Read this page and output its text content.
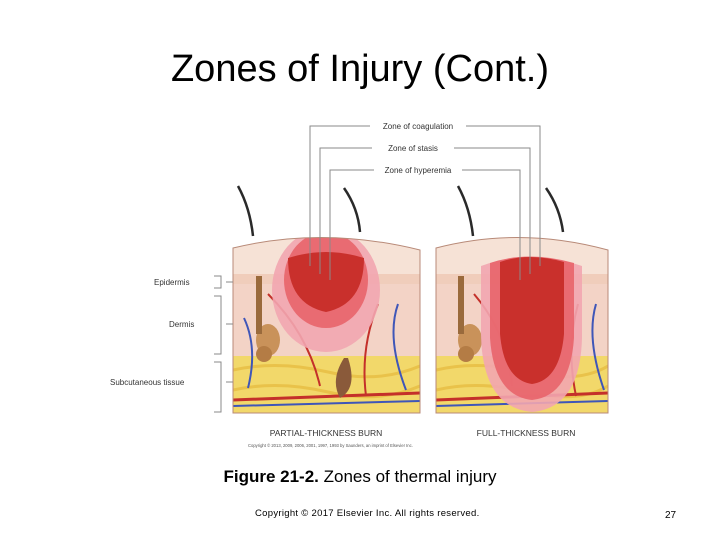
Zones of Injury (Cont.)
Zone of coagulation
Zone of stasis
Zone of hyperemia
Epidermis
Dermis
Subcutaneous tissue
PARTIAL-THICKNESS BURN	FULL-THICKNESS BURN
Copyright © 2013, 2009, 2006, 2001, 1997, 1993 by Saunders, an imprint of Elsevier Inc.
Figure 21-2. Zones of thermal injury
Copyright © 2017 Elsevier Inc. All rights reserved.	27
